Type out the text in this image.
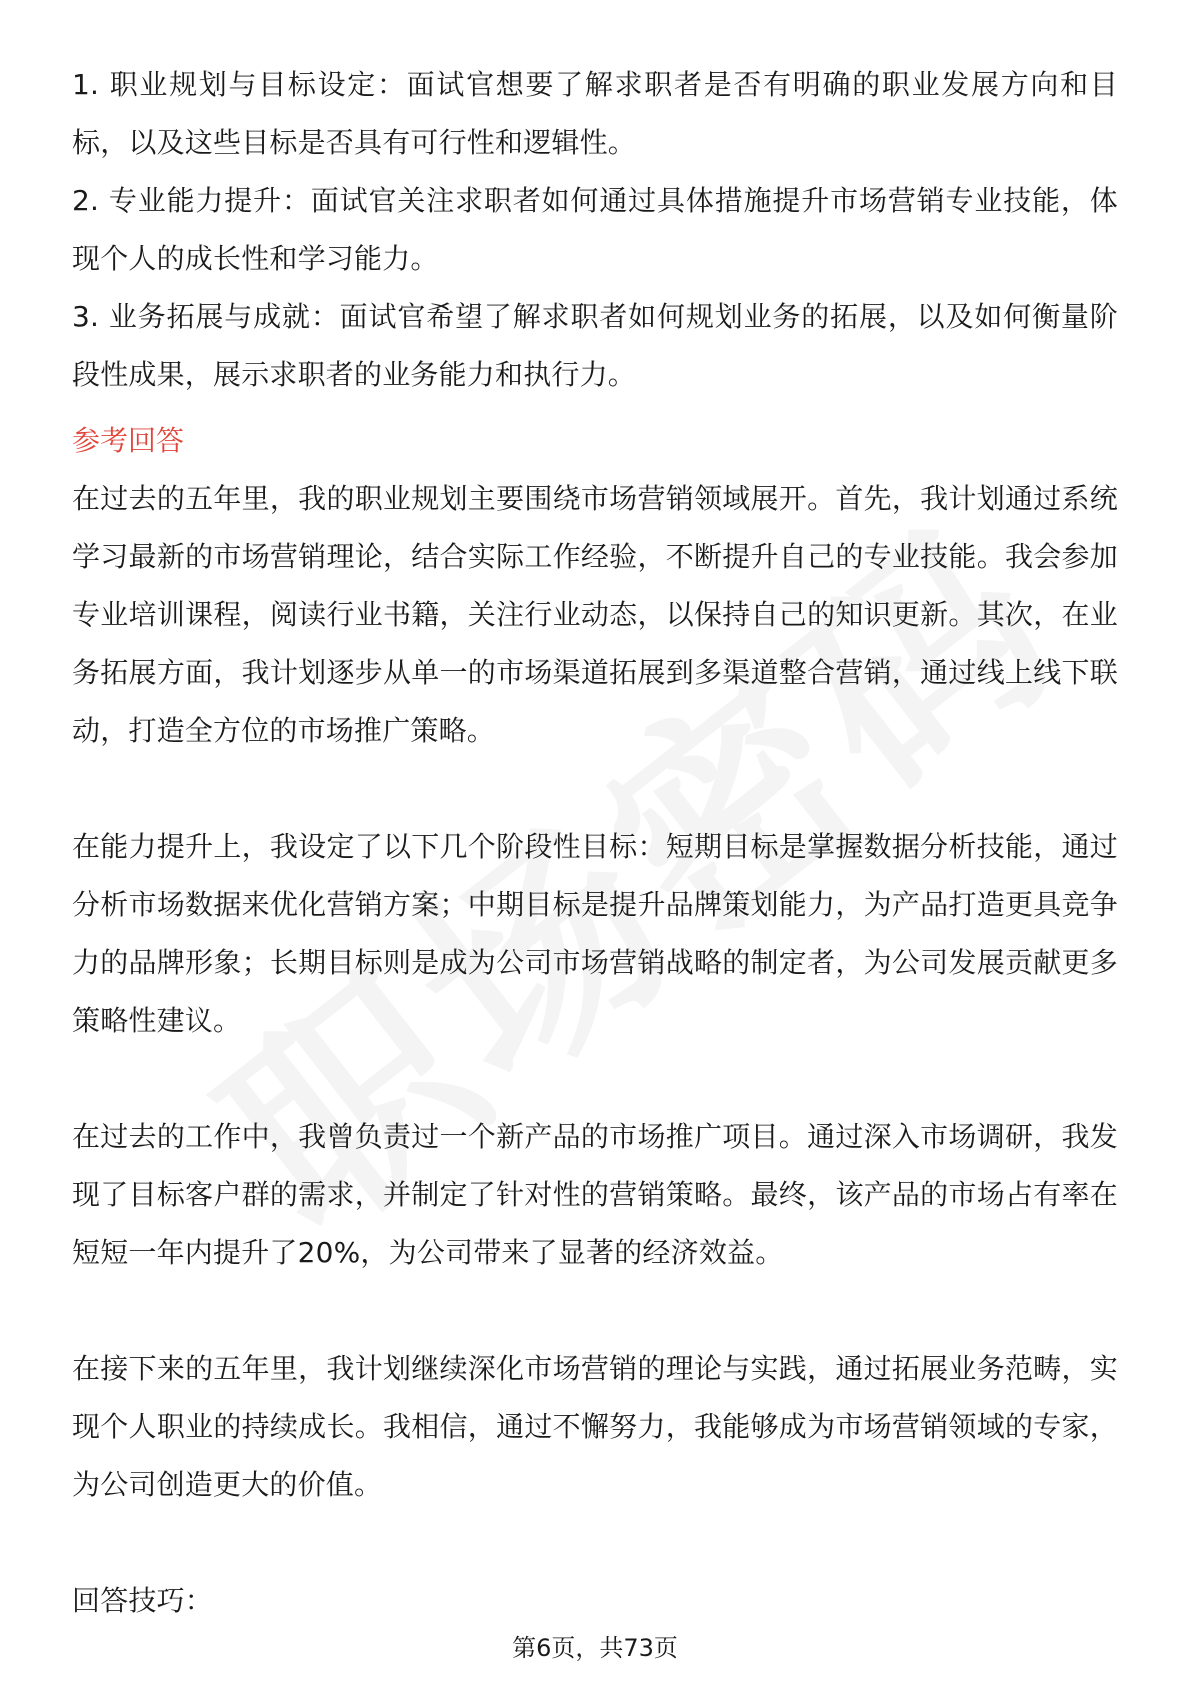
1. 职业规划与目标设定：面试官想要了解求职者是否有明确的职业发展方向和目标，以及这些目标是否具有可行性和逻辑性。

2. 专业能力提升：面试官关注求职者如何通过具体措施提升市场营销专业技能，体现个人的成长性和学习能力。

3. 业务拓展与成就：面试官希望了解求职者如何规划业务的拓展，以及如何衡量阶段性成果，展示求职者的业务能力和执行力。

参考回答

在过去的五年里，我的职业规划主要围绕市场营销领域展开。首先，我计划通过系统学习最新的市场营销理论，结合实际工作经验，不断提升自己的专业技能。我会参加专业培训课程，阅读行业书籍，关注行业动态，以保持自己的知识更新。其次，在业务拓展方面，我计划逐步从单一的市场渠道拓展到多渠道整合营销，通过线上线下联动，打造全方位的市场推广策略。

在能力提升上，我设定了以下几个阶段性目标：短期目标是掌握数据分析技能，通过分析市场数据来优化营销方案；中期目标是提升品牌策划能力，为产品打造更具竞争力的品牌形象；长期目标则是成为公司市场营销战略的制定者，为公司发展贡献更多策略性建议。

在过去的工作中，我曾负责过一个新产品的市场推广项目。通过深入市场调研，我发现了目标客户群的需求，并制定了针对性的营销策略。最终，该产品的市场占有率在短短一年内提升了20%，为公司带来了显著的经济效益。

在接下来的五年里，我计划继续深化市场营销的理论与实践，通过拓展业务范畴，实现个人职业的持续成长。我相信，通过不懈努力，我能够成为市场营销领域的专家，为公司创造更大的价值。

回答技巧：

第6页，共73页
